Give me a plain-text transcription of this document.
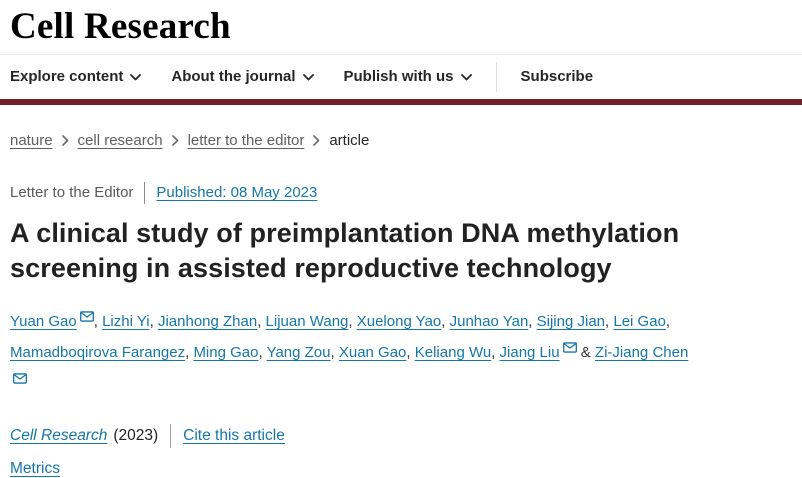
Cell Research
Explore content	About the journal	Publish with us	Subscribe
nature cell research letter to the editor article
Letter to the Editor Published: 08 May 2023
A clinical study of preimplantation DNA methylation screening in assisted reproductive technology

Yuan Gao , Lizhi Yi, Jianhong Zhan, Lijuan Wang, Xuelong Yao, Junhao Yan, Sijing Jian, Lei Gao, Mamadboqirova Farangez, Ming Gao, Yang Zou, Xuan Gao, Keliang Wu, Jiang Liu & Zi-Jiang Chen

Cell Research (2023) Cite this article
Metrics
